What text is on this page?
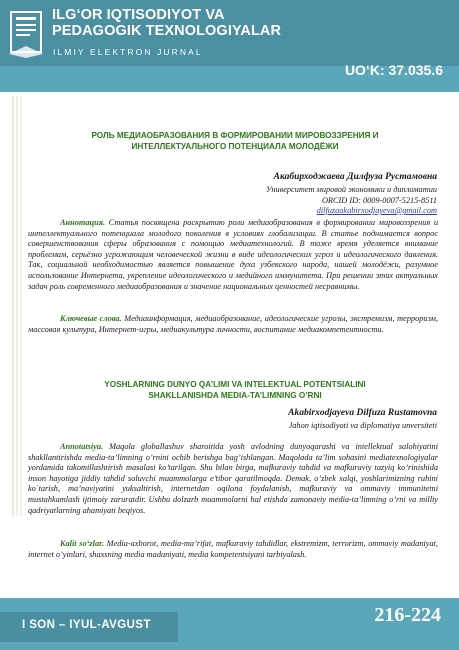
ILG‘OR IQTISODIYOT VA
PEDAGOGIK TEXNOLOGIYALAR
ILMIY ELEKTRON JURNAL
UO‘K: 37.035.6
РОЛЬ МЕДИАОБРАЗОВАНИЯ В ФОРМИРОВАНИИ МИРОВОЗЗРЕНИЯ И
ИНТЕЛЛЕКТУАЛЬНОГО ПОТЕНЦИАЛА МОЛОДЁЖИ
Акабирходжаева Дилфуза Рустамовна
Университет мировой экономики и дипломатии
ORCID ID: 0009-0007-5215-8511
dilfuzaakabirxodjayeva@gmail.com
Аннотация. Статья посвящена раскрытию роли медиаобразования в формировании мировоззрения и интеллектуального потенциала молодого поколения в условиях глобализации. В статье поднимается вопрос совершенствования сферы образования с помощью медиатехнологий. В тоже время уделяется внимание проблемам, серьёзно угрожающим человеческой жизни в виде идеологических угроз и идеологического давления. Так, социальной необходимостью является повышение духа узбекского народа, нашей молодёжи, разумное использование Интернета, укрепление идеологического и медийного иммунитета. При решении этих актуальных задач роль современного медиаобразования и значение национальных ценностей несравнимы.
Ключевые слова. Медиаинформация, медиаобразование, идеологические угрозы, экстремизм, терроризм, массовая культура, Интернет-игры, медиакультура личности, воспитание медиакомпетентности.
YOSHLARNING DUNYO QA’LIMI VA INTELEKTUAL POTENTSIALINI
SHAKLLANISHDA MEDIA-TA’LIMNING O’RNI
Akabirxodjayeva Dilfuza Rustamovna
Jahon iqtisodiyoti va diplomatiya unversiteti
Annotatsiya. Maqola globallashuv sharoitida yosh avlodning dunyoqarashi va intellektual salohiyatini shakllantirishda media-ta’limning o’rnini ochib berishga bag’ishlangan. Maqolada ta’lim sohasini mediatexnologiyalar yordamida takomillashtirish masalasi ko’tarilgan. Shu bilan birga, mafkuraviy tahdid va mafkuraviy tazyiq ko’rinishida inson hayotiga jiddiy tahdid soluvchi muammolarga e’tibor qaratilmoqda. Demak, o’zbek xalqi, yoshlarimizning ruhini ko`tarish, ma’naviyatini yuksaltirish, internetdan oqilona foydalanish, mafkuraviy va ommaviy immunitetni mustahkamlash ijtimoiy zaruratdir. Ushbu dolzarb muammolarni hal etishda zamonaviy media-ta’limning o’rni va milliy qadriyatlarning ahamiyati beqiyos.
Kalit so‘zlar. Media-axborot, media-ma’rifat, mafkuraviy tahdidlar, ekstremizm, terrorizm, ommaviy madaniyat, internet o’yinlari, shaxsning media madaniyati, media kompetentsiyani tarbiyalash.
I SON – IYUL-AVGUST	216-224
